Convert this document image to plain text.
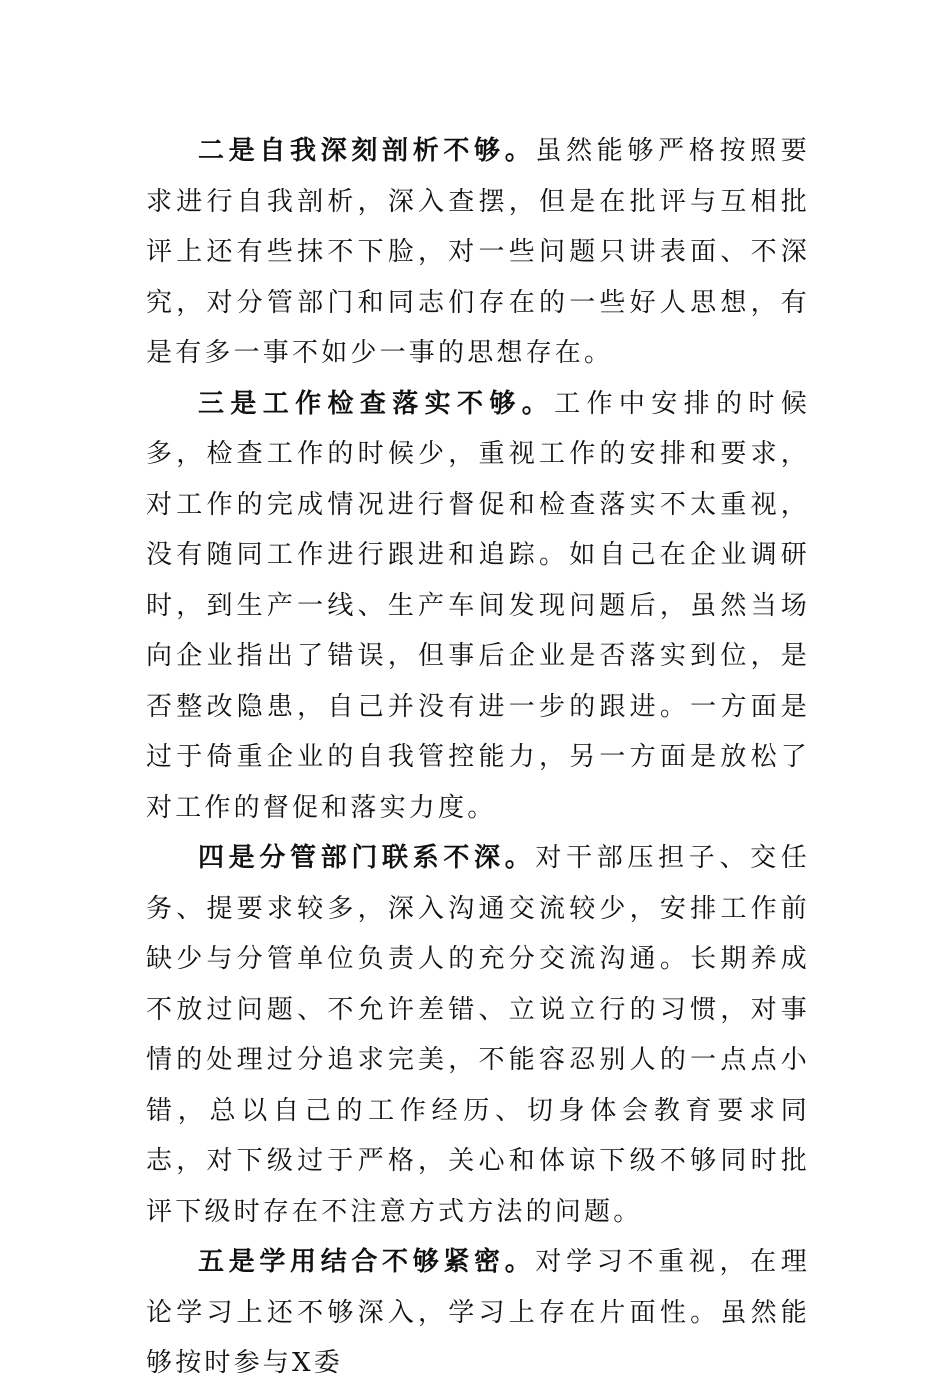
二是自我深刻剖析不够。虽然能够严格按照要求进行自我剖析，深入查摆，但是在批评与互相批评上还有些抹不下脸，对一些问题只讲表面、不深究，对分管部门和同志们存在的一些好人思想，有是有多一事不如少一事的思想存在。

三是工作检查落实不够。工作中安排的时候多，检查工作的时候少，重视工作的安排和要求，对工作的完成情况进行督促和检查落实不太重视，没有随同工作进行跟进和追踪。如自己在企业调研时，到生产一线、生产车间发现问题后，虽然当场向企业指出了错误，但事后企业是否落实到位，是否整改隐患，自己并没有进一步的跟进。一方面是过于倚重企业的自我管控能力，另一方面是放松了对工作的督促和落实力度。

四是分管部门联系不深。对干部压担子、交任务、提要求较多，深入沟通交流较少，安排工作前缺少与分管单位负责人的充分交流沟通。长期养成不放过问题、不允许差错、立说立行的习惯，对事情的处理过分追求完美，不能容忍别人的一点点小错，总以自己的工作经历、切身体会教育要求同志，对下级过于严格，关心和体谅下级不够同时批评下级时存在不注意方式方法的问题。

五是学用结合不够紧密。对学习不重视，在理论学习上还不够深入，学习上存在片面性。虽然能够按时参与X委
